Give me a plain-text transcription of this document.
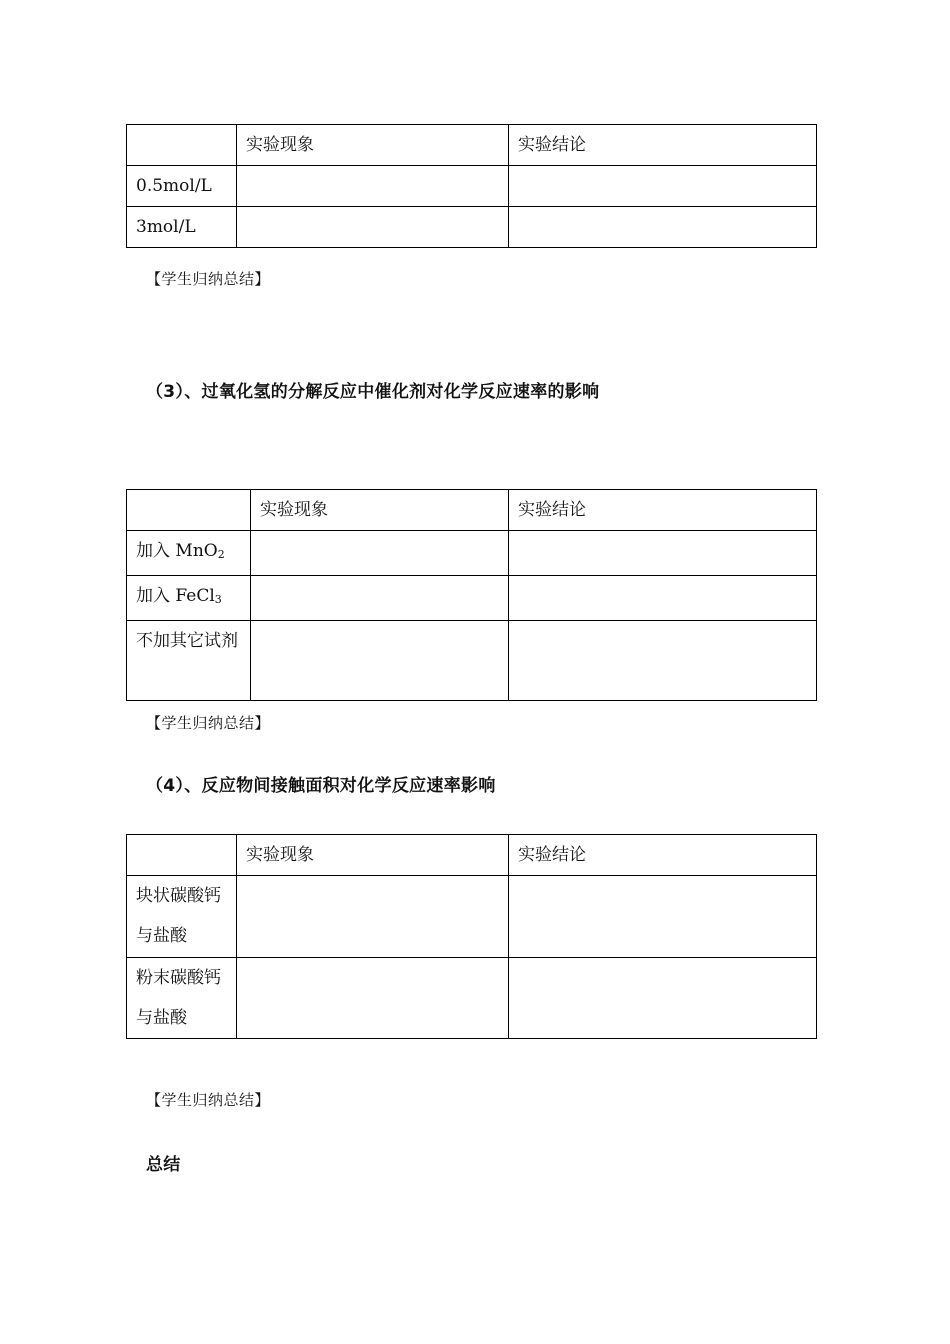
	实验现象	实验结论
0.5mol/L		
3mol/L		
【学生归纳总结】
（3）、过氧化氢的分解反应中催化剂对化学反应速率的影响
	实验现象	实验结论
加入 MnO$_2$		
加入 FeCl$_3$		
不加其它试剂		
【学生归纳总结】
（4）、反应物间接触面积对化学反应速率影响
	实验现象	实验结论
块状碳酸钙与盐酸		
粉末碳酸钙与盐酸		
【学生归纳总结】
总结
